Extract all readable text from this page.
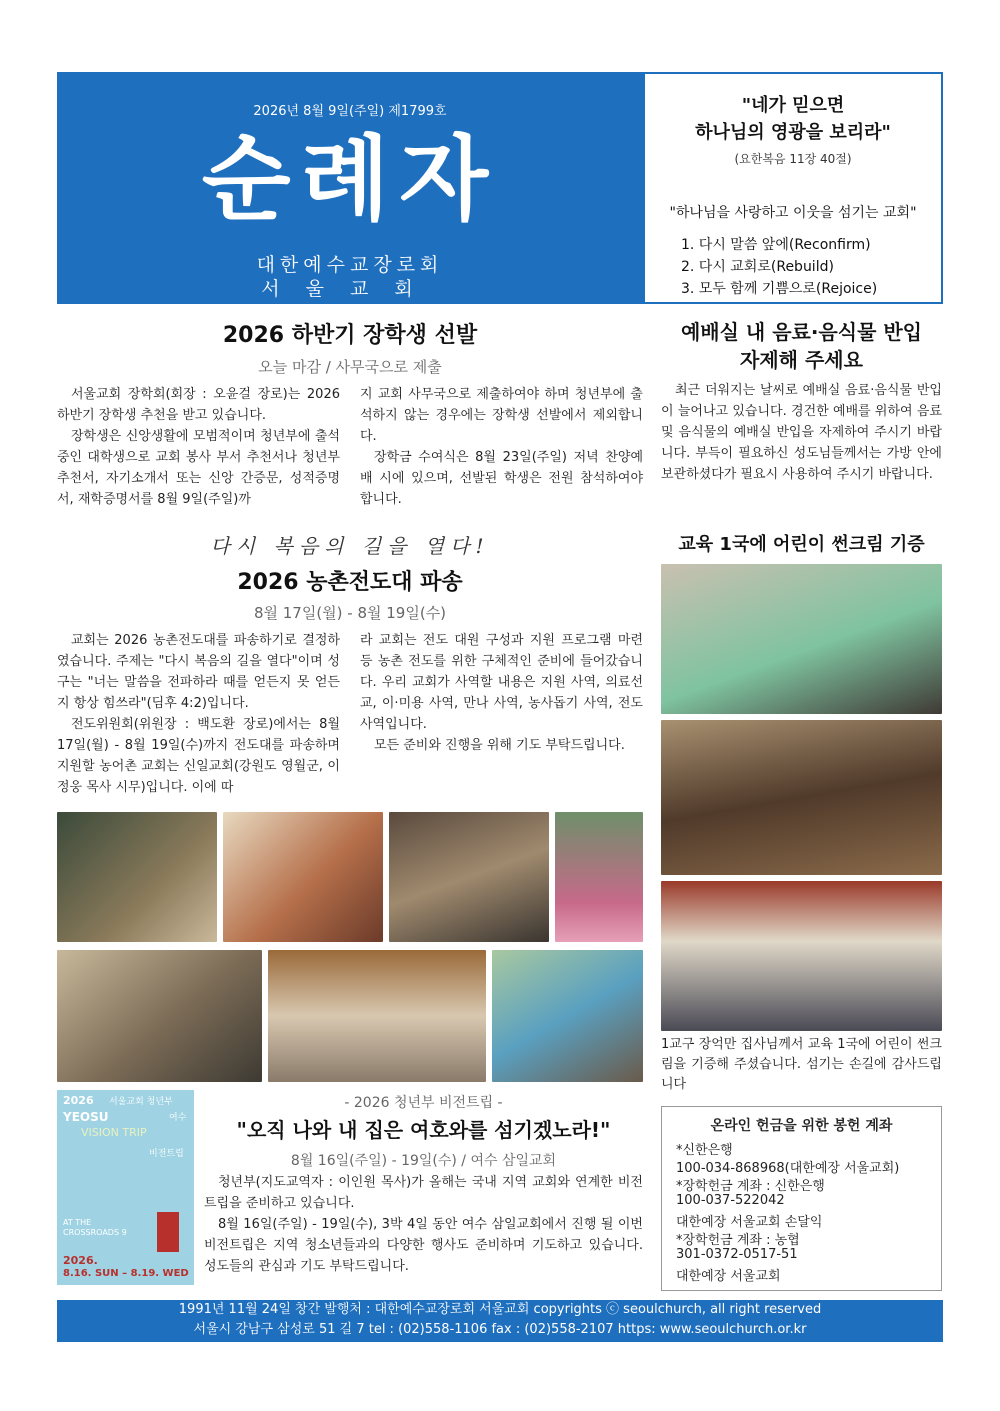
2026년 8월 9일(주일) 제1799호
순례자
대한예수교장로회
서울교회
"네가 믿으면
하나님의 영광을 보리라"
(요한복음 11장 40절)
"하나님을 사랑하고 이웃을 섬기는 교회"
1. 다시 말씀 앞에(Reconfirm)
2. 다시 교회로(Rebuild)
3. 모두 함께 기쁨으로(Rejoice)
2026 하반기 장학생 선발
오늘 마감 / 사무국으로 제출

서울교회 장학회(회장 : 오윤걸 장로)는 2026 하반기 장학생 추천을 받고 있습니다.

장학생은 신앙생활에 모범적이며 청년부에 출석 중인 대학생으로 교회 봉사 부서 추천서나 청년부 추천서, 자기소개서 또는 신앙 간증문, 성적증명서, 재학증명서를 8월 9일(주일)까

지 교회 사무국으로 제출하여야 하며 청년부에 출석하지 않는 경우에는 장학생 선발에서 제외합니다.

장학금 수여식은 8월 23일(주일) 저녁 찬양예배 시에 있으며, 선발된 학생은 전원 참석하여야 합니다.

다시 복음의 길을 열다!
2026 농촌전도대 파송
8월 17일(월) - 8월 19일(수)

교회는 2026 농촌전도대를 파송하기로 결정하였습니다. 주제는 "다시 복음의 길을 열다"이며 성구는 "너는 말씀을 전파하라 때를 얻든지 못 얻든지 항상 힘쓰라"(딤후 4:2)입니다.

전도위원회(위원장 : 백도환 장로)에서는 8월 17일(월) - 8월 19일(수)까지 전도대를 파송하며 지원할 농어촌 교회는 신일교회(강원도 영월군, 이정웅 목사 시무)입니다. 이에 따

라 교회는 전도 대원 구성과 지원 프로그램 마련 등 농촌 전도를 위한 구체적인 준비에 들어갔습니다. 우리 교회가 사역할 내용은 지원 사역, 의료선교, 이·미용 사역, 만나 사역, 농사돕기 사역, 전도 사역입니다.

모든 준비와 진행을 위해 기도 부탁드립니다.

예배실 내 음료·음식물 반입
자제해 주세요

최근 더워지는 날씨로 예배실 음료·음식물 반입이 늘어나고 있습니다. 경건한 예배를 위하여 음료 및 음식물의 예배실 반입을 자제하여 주시기 바랍니다. 부득이 필요하신 성도님들께서는 가방 안에 보관하셨다가 필요시 사용하여 주시기 바랍니다.

교육 1국에 어린이 썬크림 기증
1교구 장억만 집사님께서 교육 1국에 어린이 썬크림을 기증해 주셨습니다. 섬기는 손길에 감사드립니다
2026 서울교회 청년부
YEOSU	여수
VISION TRIP
비전트립
AT THE
CROSSROADS 9
2026.
8.16. SUN – 8.19. WED
- 2026 청년부 비전트립 -
"오직 나와 내 집은 여호와를 섬기겠노라!"
8월 16일(주일) - 19일(수) / 여수 삼일교회

청년부(지도교역자 : 이인원 목사)가 올해는 국내 지역 교회와 연계한 비전트립을 준비하고 있습니다.

8월 16일(주일) - 19일(수), 3박 4일 동안 여수 삼일교회에서 진행 될 이번 비전트립은 지역 청소년들과의 다양한 행사도 준비하며 기도하고 있습니다. 성도들의 관심과 기도 부탁드립니다.

온라인 헌금을 위한 봉헌 계좌
*신한은행
100-034-868968(대한예장 서울교회)
*장학헌금 계좌 : 신한은행
100-037-522042
대한예장 서울교회 손달익
*장학헌금 계좌 : 농협
301-0372-0517-51
대한예장 서울교회
1991년 11월 24일 창간 발행처 : 대한예수교장로회 서울교회 copyrights ⓒ seoulchurch, all right reserved
서울시 강남구 삼성로 51 길 7 tel : (02)558-1106 fax : (02)558-2107 https: www.seoulchurch.or.kr
